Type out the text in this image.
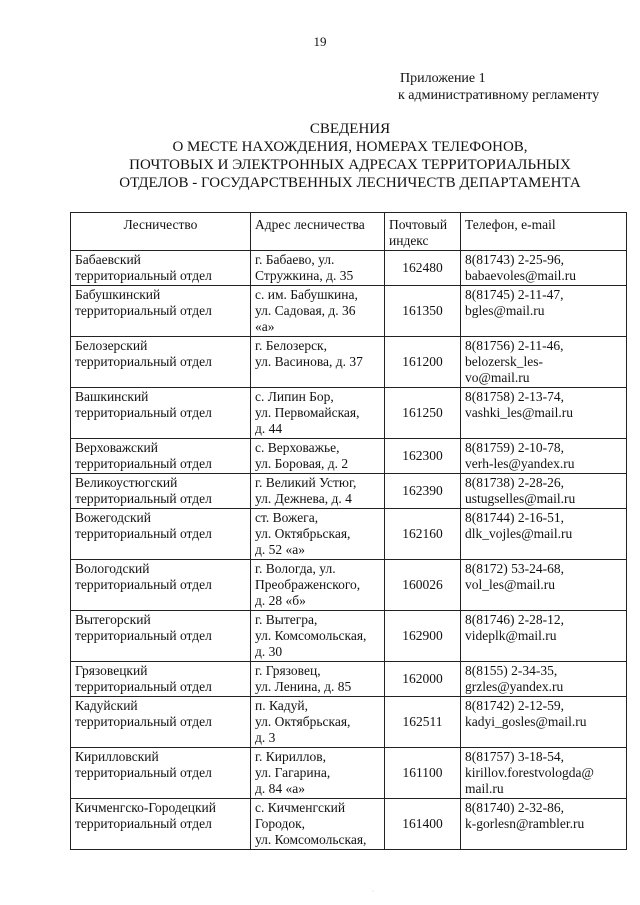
19
Приложение 1
к административному регламенту
СВЕДЕНИЯ
О МЕСТЕ НАХОЖДЕНИЯ, НОМЕРАХ ТЕЛЕФОНОВ,
ПОЧТОВЫХ И ЭЛЕКТРОННЫХ АДРЕСАХ ТЕРРИТОРИАЛЬНЫХ
ОТДЕЛОВ - ГОСУДАРСТВЕННЫХ ЛЕСНИЧЕСТВ ДЕПАРТАМЕНТА
Лесничество	Адрес лесничества	Почтовый
индекс	Телефон, e-mail

Бабаевский
территориальный отдел	г. Бабаево, ул.
Стружкина, д. 35	162480	8(81743) 2-25-96,
babaevoles@mail.ru

Бабушкинский
территориальный отдел	с. им. Бабушкина,
ул. Садовая, д. 36
«а»	161350	8(81745) 2-11-47,
bgles@mail.ru

Белозерский
территориальный отдел	г. Белозерск,
ул. Васинова, д. 37	161200	8(81756) 2-11-46,
belozersk_les-
vo@mail.ru

Вашкинский
территориальный отдел	с. Липин Бор,
ул. Первомайская,
д. 44	161250	8(81758) 2-13-74,
vashki_les@mail.ru

Верховажский
территориальный отдел	с. Верховажье,
ул. Боровая, д. 2	162300	8(81759) 2-10-78,
verh-les@yandex.ru

Великоустюгский
территориальный отдел	г. Великий Устюг,
ул. Дежнева, д. 4	162390	8(81738) 2-28-26,
ustugselles@mail.ru

Вожегодский
территориальный отдел	ст. Вожега,
ул. Октябрьская,
д. 52 «а»	162160	8(81744) 2-16-51,
dlk_vojles@mail.ru

Вологодский
территориальный отдел	г. Вологда, ул.
Преображенского,
д. 28 «б»	160026	8(8172) 53-24-68,
vol_les@mail.ru

Вытегорский
территориальный отдел	г. Вытегра,
ул. Комсомольская,
д. 30	162900	8(81746) 2-28-12,
videplk@mail.ru

Грязовецкий
территориальный отдел	г. Грязовец,
ул. Ленина, д. 85	162000	8(8155) 2-34-35,
grzles@yandex.ru

Кадуйский
территориальный отдел	п. Кадуй,
ул. Октябрьская,
д. 3	162511	8(81742) 2-12-59,
kadyi_gosles@mail.ru

Кирилловский
территориальный отдел	г. Кириллов,
ул. Гагарина,
д. 84 «а»	161100	8(81757) 3-18-54,
kirillov.forestvologda@
mail.ru

Кичменгско-Городецкий
территориальный отдел	с. Кичменгский
Городок,
ул. Комсомольская,	161400	8(81740) 2-32-86,
k-gorlesn@rambler.ru
·
